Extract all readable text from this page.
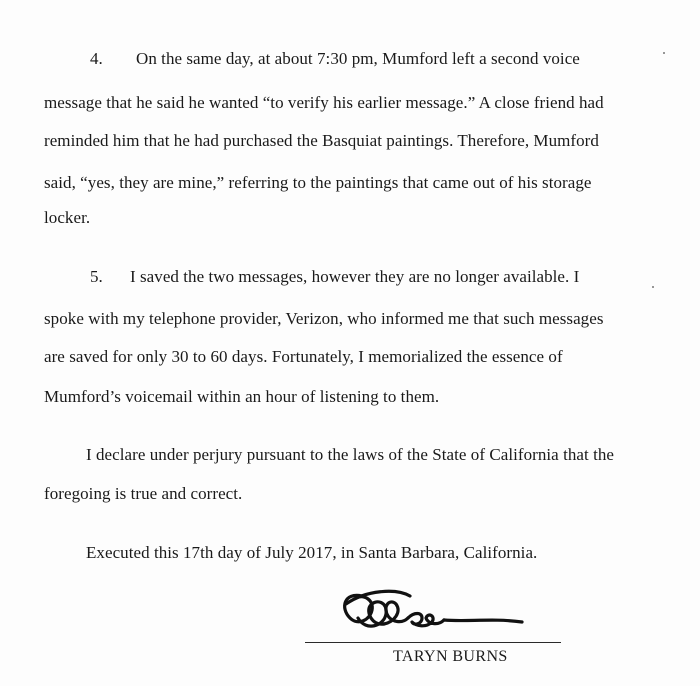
4. On the same day, at about 7:30 pm, Mumford left a second voice
message that he said he wanted “to verify his earlier message.” A close friend had
reminded him that he had purchased the Basquiat paintings. Therefore, Mumford
said, “yes, they are mine,” referring to the paintings that came out of his storage
locker.
5. I saved the two messages, however they are no longer available. I
spoke with my telephone provider, Verizon, who informed me that such messages
are saved for only 30 to 60 days. Fortunately, I memorialized the essence of
Mumford’s voicemail within an hour of listening to them.
I declare under perjury pursuant to the laws of the State of California that the
foregoing is true and correct.
Executed this 17th day of July 2017, in Santa Barbara, California.
TARYN BURNS
